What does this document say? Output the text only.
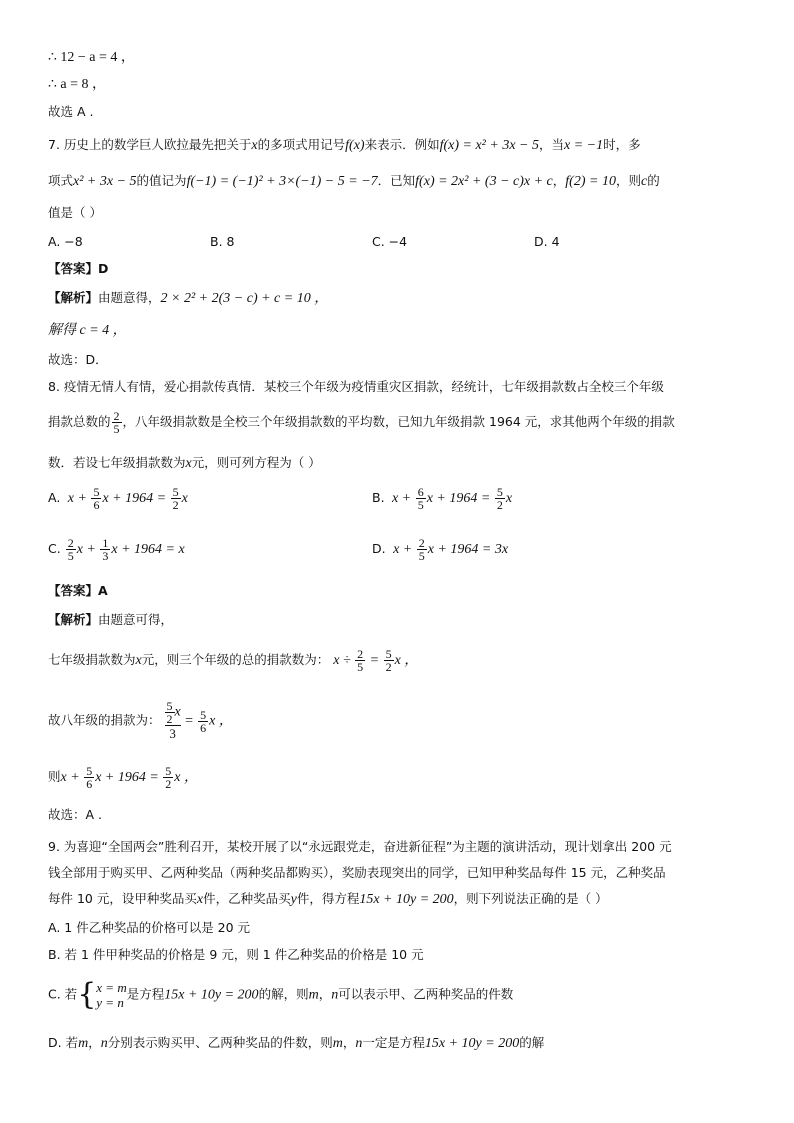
∴ 12 − a = 4 ，
∴ a = 8 ，
故选 A .
7. 历史上的数学巨人欧拉最先把关于x的多项式用记号f(x)来表示．例如f(x) = x² + 3x − 5，当x = −1时，多
项式x² + 3x − 5的值记为f(−1) = (−1)² + 3×(−1) − 5 = −7．已知f(x) = 2x² + (3 − c)x + c，f(2) = 10，则c的
值是（ ）
A. −8	B. 8	C. −4	D. 4
【答案】D
【解析】由题意得，2 × 2² + 2(3 − c) + c = 10 ，
解得 c = 4 ，
故选：D．
8. 疫情无情人有情，爱心捐款传真情．某校三个年级为疫情重灾区捐款，经统计，七年级捐款数占全校三个年级
捐款总数的 $\frac{2}{5}$ ，八年级捐款数是全校三个年级捐款数的平均数，已知九年级捐款 1964 元，求其他两个年级的捐款
数．若设七年级捐款数为x元，则可列方程为（ ）
A.  $x + \frac{5}{6}$ $x + 1964 = \frac{5}{2}$ x	B.  $x + \frac{6}{5}$ $x + 1964 = \frac{5}{2}$ x
C. $\frac{2}{5}$ $x + \frac{1}{3}$ x + 1964 = x	D.  $x + \frac{2}{5}$ x + 1964 = 3x
【答案】A
【解析】由题意可得，
七年级捐款数为x元，则三个年级的总的捐款数为： $x \div \frac{2}{5} = \frac{5}{2}$ x ，
故八年级的捐款为： $\frac{\frac{5}{2} x}{3} = \frac{5}{6}$ x ，
则$x + \frac{5}{6}$ $x + 1964 = \frac{5}{2}$ x ，
故选：A .
9. 为喜迎“全国两会”胜利召开，某校开展了以“永远跟党走，奋进新征程”为主题的演讲活动，现计划拿出 200 元
钱全部用于购买甲、乙两种奖品（两种奖品都购买），奖励表现突出的同学，已知甲种奖品每件 15 元，乙种奖品
每件 10 元，设甲种奖品买x件，乙种奖品买y件，得方程15x + 10y = 200，则下列说法正确的是（ ）
A. 1 件乙种奖品的价格可以是 20 元
B. 若 1 件甲种奖品的价格是 9 元，则 1 件乙种奖品的价格是 10 元
C. 若{ x = m
y = n
是方程15x + 10y = 200的解，则m，n可以表示甲、乙两种奖品的件数
D. 若m，n分别表示购买甲、乙两种奖品的件数，则m，n一定是方程15x + 10y = 200的解
